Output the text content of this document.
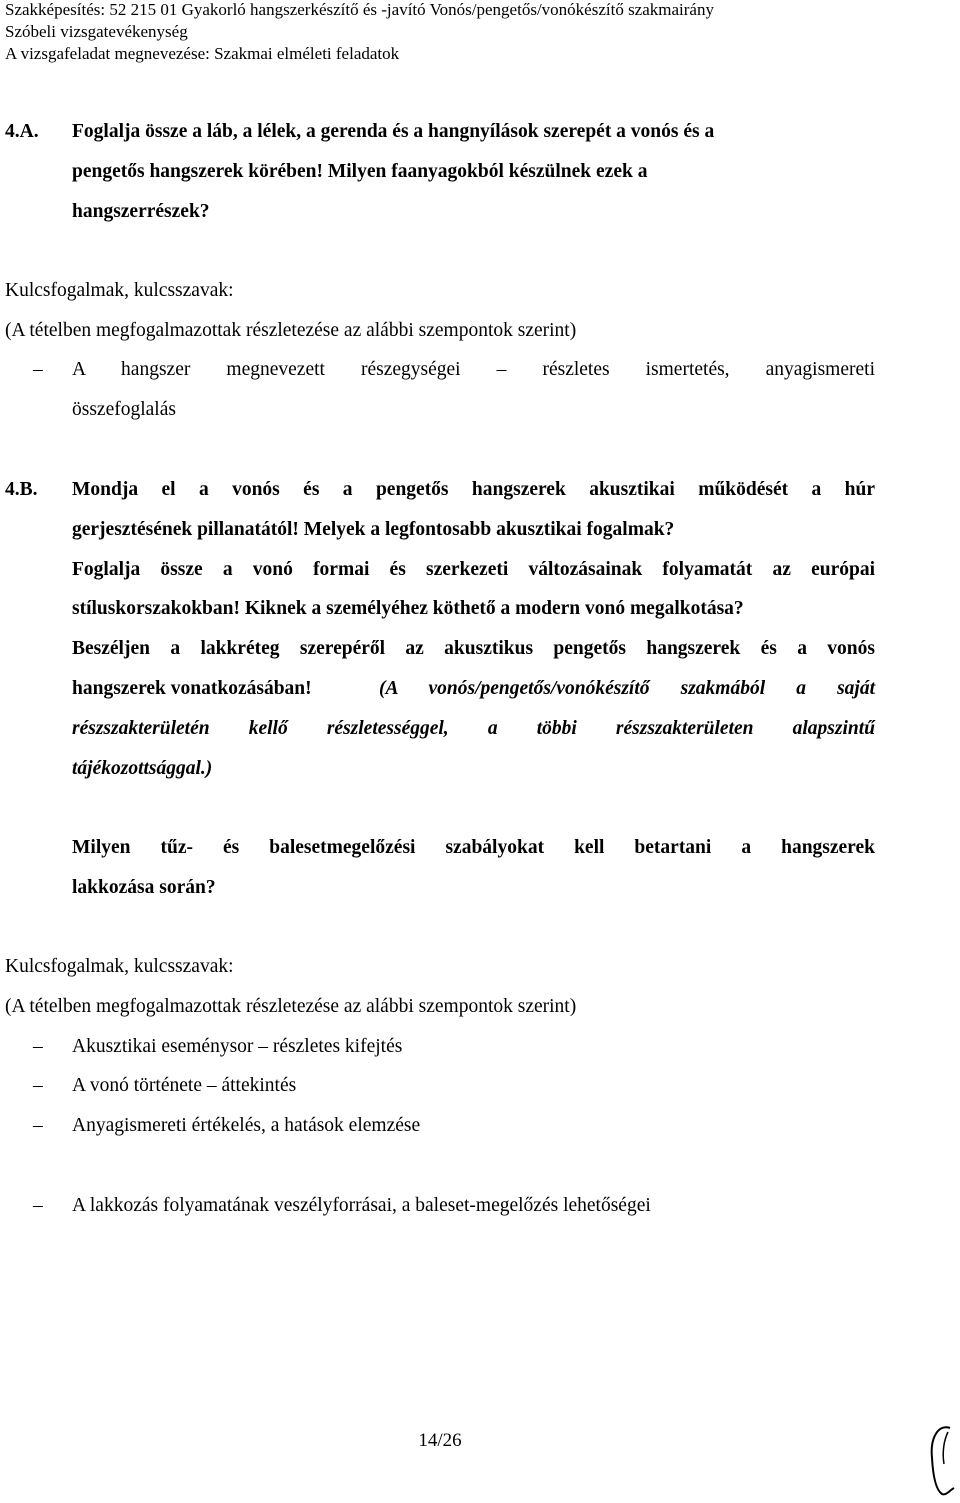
Szakképesítés: 52 215 01 Gyakorló hangszerkészítő és -javító Vonós/pengetős/vonókészítő szakmairány
Szóbeli vizsgatevékenység
A vizsgafeladat megnevezése: Szakmai elméleti feladatok
4.A. Foglalja össze a láb, a lélek, a gerenda és a hangnyílások szerepét a vonós és a
pengetős hangszerek körében! Milyen faanyagokból készülnek ezek a
hangszerrészek?
Kulcsfogalmak, kulcsszavak:
(A tételben megfogalmazottak részletezése az alábbi szempontok szerint)
– A hangszer megnevezett részegységei – részletes ismertetés, anyagismereti
összefoglalás
4.B. Mondja el a vonós és a pengetős hangszerek akusztikai működését a húr
gerjesztésének pillanatától! Melyek a legfontosabb akusztikai fogalmak?
Foglalja össze a vonó formai és szerkezeti változásainak folyamatát az európai
stíluskorszakokban! Kiknek a személyéhez köthető a modern vonó megalkotása?
Beszéljen a lakkréteg szerepéről az akusztikus pengetős hangszerek és a vonós
hangszerek vonatkozásában!	(A vonós/pengetős/vonókészítő szakmából a saját
részszakterületén kellő részletességgel, a többi részszakterületen alapszintű
tájékozottsággal.)
Milyen tűz- és balesetmegelőzési szabályokat kell betartani a hangszerek
lakkozása során?
Kulcsfogalmak, kulcsszavak:
(A tételben megfogalmazottak részletezése az alábbi szempontok szerint)
– Akusztikai eseménysor – részletes kifejtés
– A vonó története – áttekintés
– Anyagismereti értékelés, a hatások elemzése
– A lakkozás folyamatának veszélyforrásai, a baleset-megelőzés lehetőségei
14/26
